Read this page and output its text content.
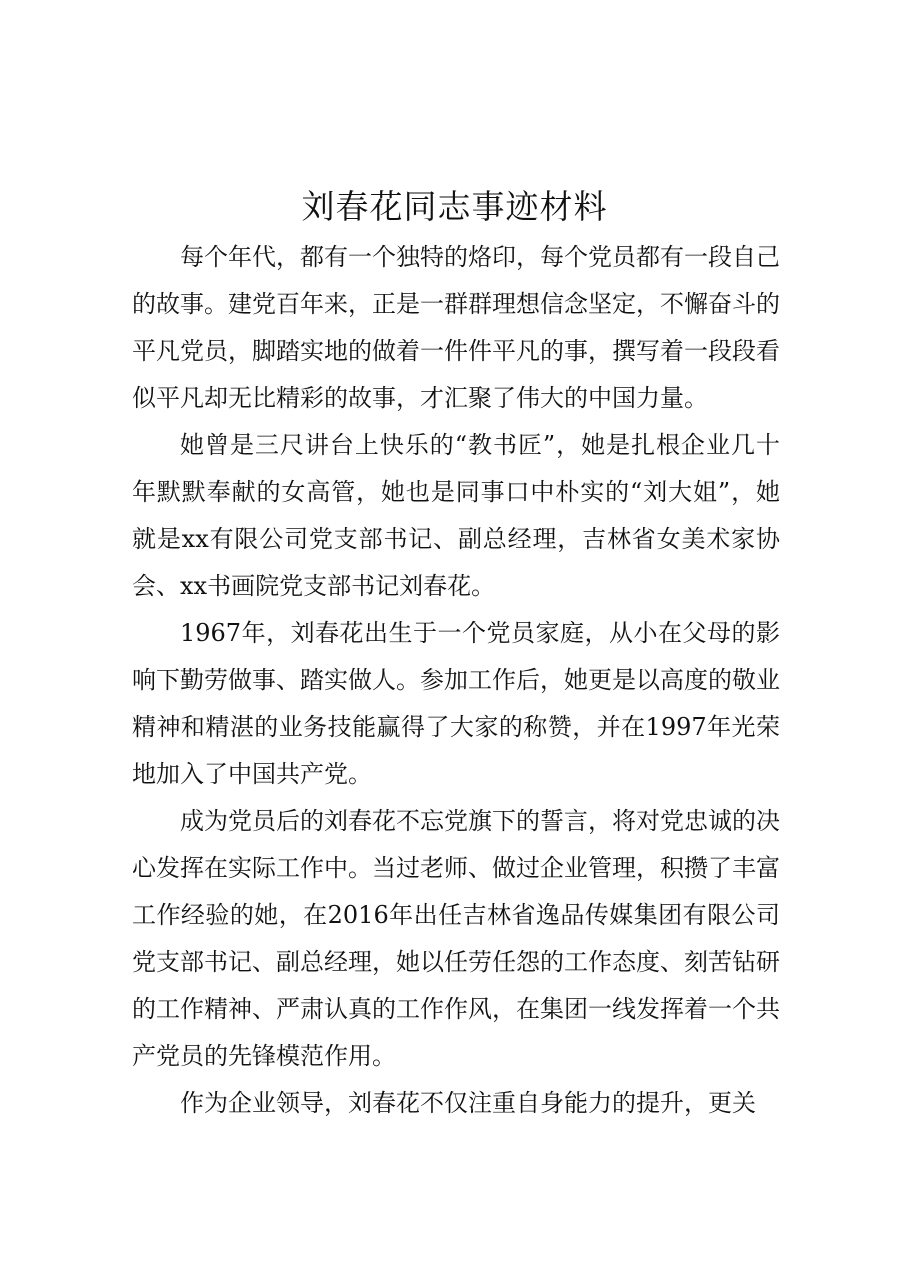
刘春花同志事迹材料

每个年代，都有一个独特的烙印，每个党员都有一段自己的故事。建党百年来，正是一群群理想信念坚定，不懈奋斗的平凡党员，脚踏实地的做着一件件平凡的事，撰写着一段段看似平凡却无比精彩的故事，才汇聚了伟大的中国力量。

她曾是三尺讲台上快乐的“教书匠”，她是扎根企业几十年默默奉献的女高管，她也是同事口中朴实的“刘大姐”，她就是xx有限公司党支部书记、副总经理，吉林省女美术家协会、xx书画院党支部书记刘春花。

1967年，刘春花出生于一个党员家庭，从小在父母的影响下勤劳做事、踏实做人。参加工作后，她更是以高度的敬业精神和精湛的业务技能赢得了大家的称赞，并在1997年光荣地加入了中国共产党。

成为党员后的刘春花不忘党旗下的誓言，将对党忠诚的决心发挥在实际工作中。当过老师、做过企业管理，积攒了丰富工作经验的她，在2016年出任吉林省逸品传媒集团有限公司党支部书记、副总经理，她以任劳任怨的工作态度、刻苦钻研的工作精神、严肃认真的工作作风，在集团一线发挥着一个共产党员的先锋模范作用。

作为企业领导，刘春花不仅注重自身能力的提升，更关
